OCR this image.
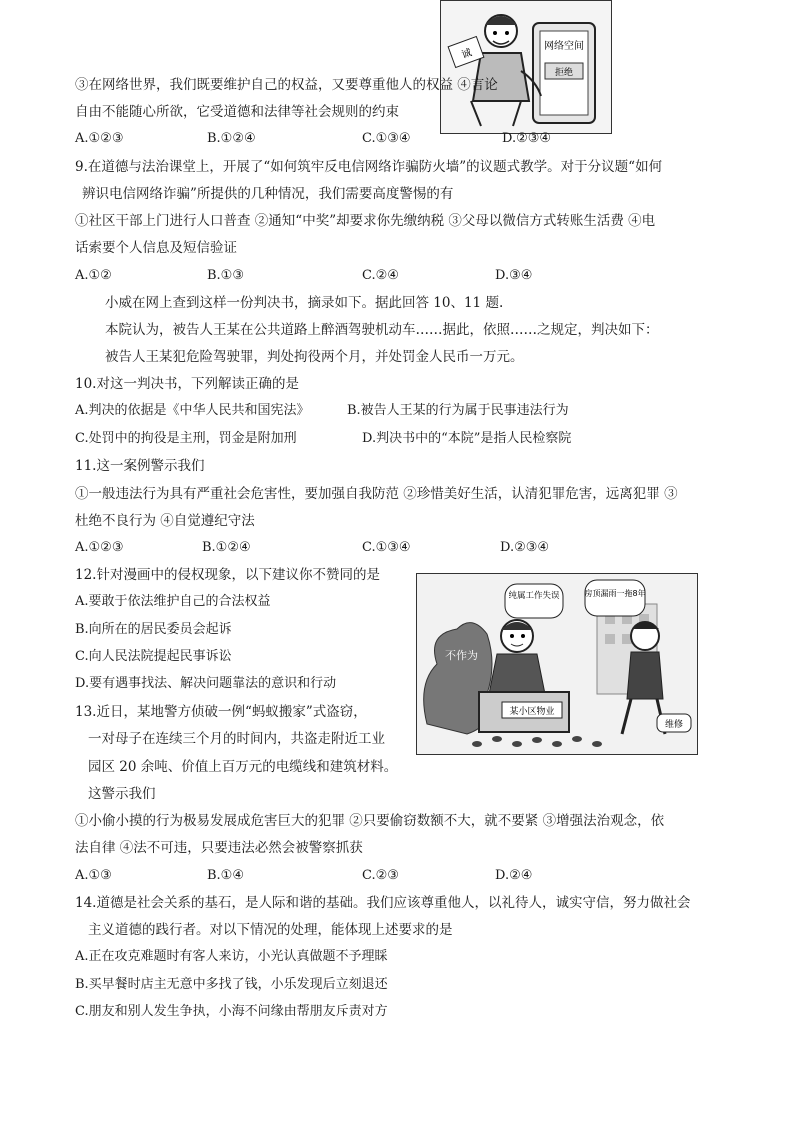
网络空间
拒绝
诚
③在网络世界，我们既要维护自己的权益，又要尊重他人的权益 ④言论
自由不能随心所欲，它受道德和法律等社会规则的约束
A.①②③	B.①②④	C.①③④	D.②③④
9.在道德与法治课堂上，开展了“如何筑牢反电信网络诈骗防火墙”的议题式教学。对于分议题“如何
辨识电信网络诈骗”所提供的几种情况，我们需要高度警惕的有
①社区干部上门进行人口普查 ②通知“中奖”却要求你先缴纳税 ③父母以微信方式转账生活费 ④电
话索要个人信息及短信验证
A.①②	B.①③	C.②④	D.③④
小威在网上查到这样一份判决书，摘录如下。据此回答 10、11 题.
本院认为，被告人王某在公共道路上醉酒驾驶机动车……据此，依照……之规定，判决如下：
被告人王某犯危险驾驶罪，判处拘役两个月，并处罚金人民币一万元。
10.对这一判决书，下列解读正确的是
A.判决的依据是《中华人民共和国宪法》	B.被告人王某的行为属于民事违法行为
C.处罚中的拘役是主刑，罚金是附加刑	D.判决书中的“本院”是指人民检察院
11.这一案例警示我们
①一般违法行为具有严重社会危害性，要加强自我防范 ②珍惜美好生活，认清犯罪危害，远离犯罪 ③
杜绝不良行为 ④自觉遵纪守法
A.①②③	B.①②④	C.①③④	D.②③④
12.针对漫画中的侵权现象，以下建议你不赞同的是
A.要敢于依法维护自己的合法权益
B.向所在的居民委员会起诉
C.向人民法院提起民事诉讼
D.要有遇事找法、解决问题靠法的意识和行动
不作为
某小区物业
纯属工作失误	房顶漏雨一拖8年
维修
13.近日，某地警方侦破一例“蚂蚁搬家”式盗窃，
一对母子在连续三个月的时间内，共盗走附近工业
园区 20 余吨、价值上百万元的电缆线和建筑材料。
这警示我们
①小偷小摸的行为极易发展成危害巨大的犯罪 ②只要偷窃数额不大，就不要紧 ③增强法治观念，依
法自律 ④法不可违，只要违法必然会被警察抓获
A.①③	B.①④	C.②③	D.②④
14.道德是社会关系的基石，是人际和谐的基础。我们应该尊重他人，以礼待人，诚实守信，努力做社会
主义道德的践行者。对以下情况的处理，能体现上述要求的是
A.正在攻克难题时有客人来访，小光认真做题不予理睬
B.买早餐时店主无意中多找了钱，小乐发现后立刻退还
C.朋友和别人发生争执，小海不问缘由帮朋友斥责对方
